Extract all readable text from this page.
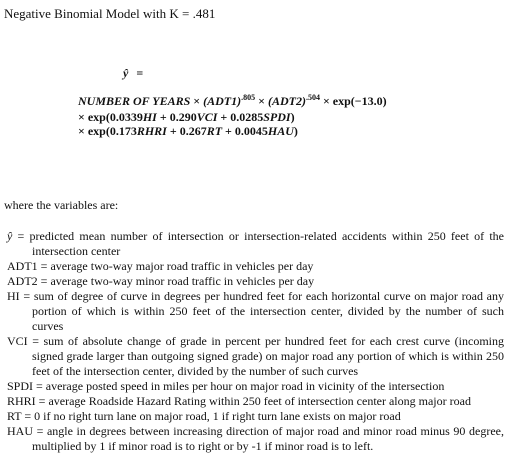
Negative Binomial Model with K = .481
ŷ =
NUMBER OF YEARS × $(ADT1)^{.805} \times (ADT2)^{.504} \times \exp(-13.0)$
× exp(0.0339HI + 0.290VCI + 0.0285SPDI)
× exp(0.173RHRI + 0.267RT + 0.0045HAU)
where the variables are:

ŷ = predicted mean number of intersection or intersection-related accidents within 250 feet of the intersection center

ADT1 = average two-way major road traffic in vehicles per day

ADT2 = average two-way minor road traffic in vehicles per day

HI = sum of degree of curve in degrees per hundred feet for each horizontal curve on major road any portion of which is within 250 feet of the intersection center, divided by the number of such curves

VCI = sum of absolute change of grade in percent per hundred feet for each crest curve (incoming signed grade larger than outgoing signed grade) on major road any portion of which is within 250 feet of the intersection center, divided by the number of such curves

SPDI = average posted speed in miles per hour on major road in vicinity of the intersection

RHRI = average Roadside Hazard Rating within 250 feet of intersection center along major road

RT = 0 if no right turn lane on major road, 1 if right turn lane exists on major road

HAU = angle in degrees between increasing direction of major road and minor road minus 90 degree, multiplied by 1 if minor road is to right or by -1 if minor road is to left.
